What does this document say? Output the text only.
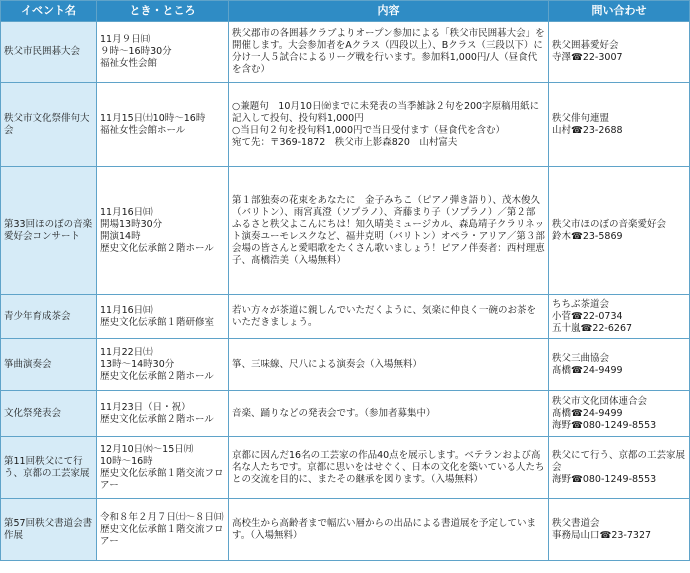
イベント名	とき・ところ	内容	問い合わせ
秩父市民囲碁大会	11月９日㈰
９時～16時30分
福祉女性会館	秩父郡市の各囲碁クラブよりオープン参加による「秩父市民囲碁大会」を開催します。大会参加者をAクラス（四段以上）、Bクラス（三段以下）に分け一人５試合によるリーグ戦を行います。参加料1,000円/人（昼食代を含む）	秩父囲碁愛好会
寺澤☎22-3007

秩父市文化祭俳句大会	11月15日㈯10時～16時
福祉女性会館ホール	○兼題句　10月10日㈮までに未発表の当季雑詠２句を200字原稿用紙に記入して投句、投句料1,000円
○当日句２句を投句料1,000円で当日受付ます（昼食代を含む）
宛て先：〒369-1872　秩父市上影森820　山村富夫	秩父俳句連盟
山村☎23-2688

第33回ほのぼの音楽愛好会コンサート	11月16日㈰
開場13時30分
開演14時
歴史文化伝承館２階ホール	第１部独奏の花束をあなたに　金子みちこ（ピアノ弾き語り）、茂木俊久（バリトン）、雨宮真澄（ソプラノ）、斉藤まり子（ソプラノ）／第２部　ふるさと秩父よこんにちは！知久晴美ミュージカル、森島靖子クラリネット演奏ユーモレスクなど、福井克明（バリトン）オペラ・アリア／第３部　会場の皆さんと愛唱歌をたくさん歌いましょう！ピアノ伴奏者：西村理恵子、髙橋浩美（入場無料）	秩父市ほのぼの音楽愛好会
鈴木☎23-5869

青少年育成茶会	11月16日㈰
歴史文化伝承館１階研修室	若い方々が茶道に親しんでいただくように、気楽に仲良く一碗のお茶をいただきましょう。	ちちぶ茶道会
小菅☎22-0734
五十嵐☎22-6267

箏曲演奏会	11月22日㈯
13時～14時30分
歴史文化伝承館２階ホール	箏、三味線、尺八による演奏会（入場無料）	秩父三曲協会
髙橋☎24-9499

文化祭発表会	11月23日（日・祝）
歴史文化伝承館２階ホール	音楽、踊りなどの発表会です。（参加者募集中）	秩父市文化団体連合会
髙橋☎24-9499
海野☎080-1249-8553

第11回秩父にて行う、京都の工芸家展	12月10日㈬～15日㈪
10時～16時
歴史文化伝承館１階交流フロアー	京都に因んだ16名の工芸家の作品40点を展示します。ベテランおよび高名な人たちです。京都に思いをはせぐく、日本の文化を築いている人たちとの交流を目的に、またその継承を図ります。（入場無料）	秩父にて行う、京都の工芸家展会
海野☎080-1249-8553

第57回秩父書道会書作展	令和８年２月７日㈯～８日㈰
歴史文化伝承館１階交流フロアー	高校生から高齢者まで幅広い層からの出品による書道展を予定しています。（入場無料）	秩父書道会
事務局山口☎23-7327
